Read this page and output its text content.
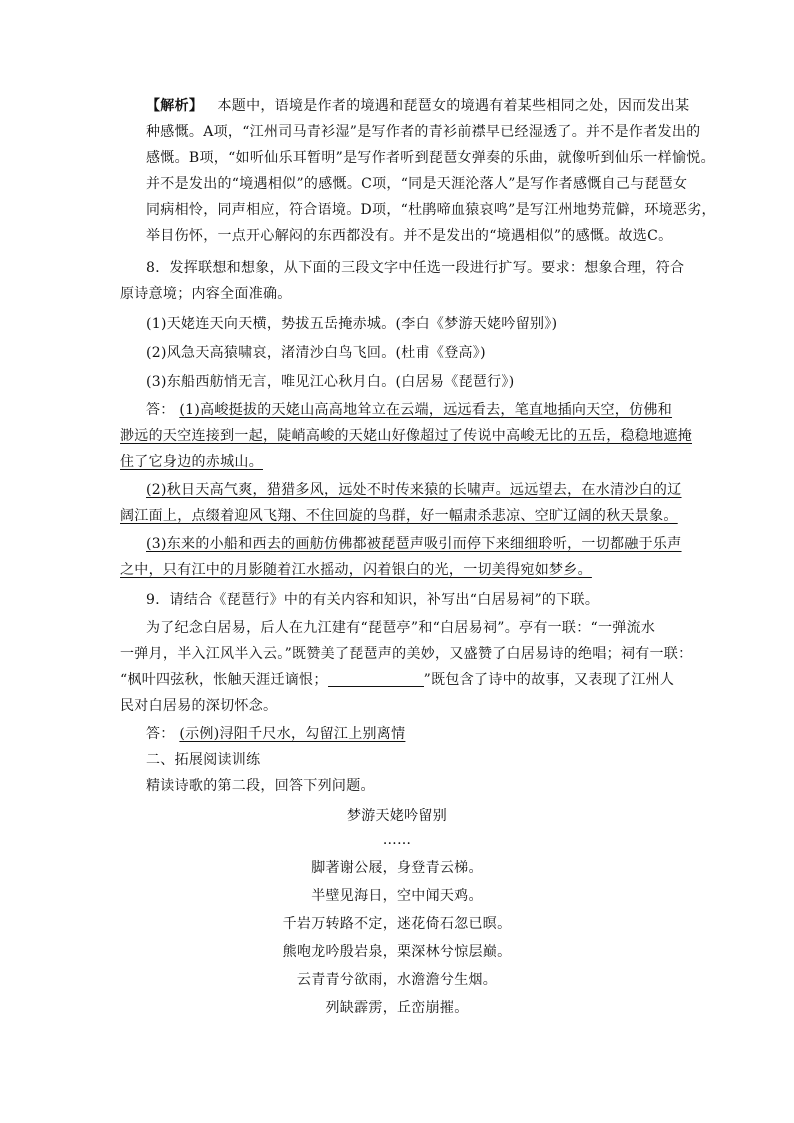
【解析】 本题中，语境是作者的境遇和琵琶女的境遇有着某些相同之处，因而发出某
种感慨。A项，“江州司马青衫湿”是写作者的青衫前襟早已经湿透了。并不是作者发出的
感慨。B项，“如听仙乐耳暂明”是写作者听到琵琶女弹奏的乐曲，就像听到仙乐一样愉悦。
并不是发出的“境遇相似”的感慨。C项，“同是天涯沦落人”是写作者感慨自己与琵琶女
同病相怜，同声相应，符合语境。D项，“杜鹃啼血猿哀鸣”是写江州地势荒僻，环境恶劣，
举目伤怀，一点开心解闷的东西都没有。并不是发出的“境遇相似”的感慨。故选C。
8．发挥联想和想象，从下面的三段文字中任选一段进行扩写。要求：想象合理，符合
原诗意境；内容全面准确。
(1)天姥连天向天横，势拔五岳掩赤城。(李白《梦游天姥吟留别》)
(2)风急天高猿啸哀，渚清沙白鸟飞回。(杜甫《登高》)
(3)东船西舫悄无言，唯见江心秋月白。(白居易《琵琶行》)
答： (1)高峻挺拔的天姥山高高地耸立在云端，远远看去，笔直地插向天空，仿佛和
渺远的天空连接到一起，陡峭高峻的天姥山好像超过了传说中高峻无比的五岳，稳稳地遮掩
住了它身边的赤城山。
(2)秋日天高气爽，猎猎多风，远处不时传来猿的长啸声。远远望去，在水清沙白的辽
阔江面上，点缀着迎风飞翔、不住回旋的鸟群，好一幅肃杀悲凉、空旷辽阔的秋天景象。
(3)东来的小船和西去的画舫仿佛都被琵琶声吸引而停下来细细聆听，一切都融于乐声
之中，只有江中的月影随着江水摇动，闪着银白的光，一切美得宛如梦乡。
9．请结合《琵琶行》中的有关内容和知识，补写出“白居易祠”的下联。
为了纪念白居易，后人在九江建有“琵琶亭”和“白居易祠”。亭有一联：“一弹流水
一弹月，半入江风半入云。”既赞美了琵琶声的美妙，又盛赞了白居易诗的绝唱；祠有一联：
“枫叶四弦秋，怅触天涯迁谪恨；	”既包含了诗中的故事，又表现了江州人
民对白居易的深切怀念。
答： (示例)浔阳千尺水，勾留江上别离情
二、拓展阅读训练
精读诗歌的第二段，回答下列问题。
梦游天姥吟留别
……
脚著谢公屐，身登青云梯。
半壁见海日，空中闻天鸡。
千岩万转路不定，迷花倚石忽已暝。
熊咆龙吟殷岩泉，栗深林兮惊层巅。
云青青兮欲雨，水澹澹兮生烟。
列缺霹雳，丘峦崩摧。
